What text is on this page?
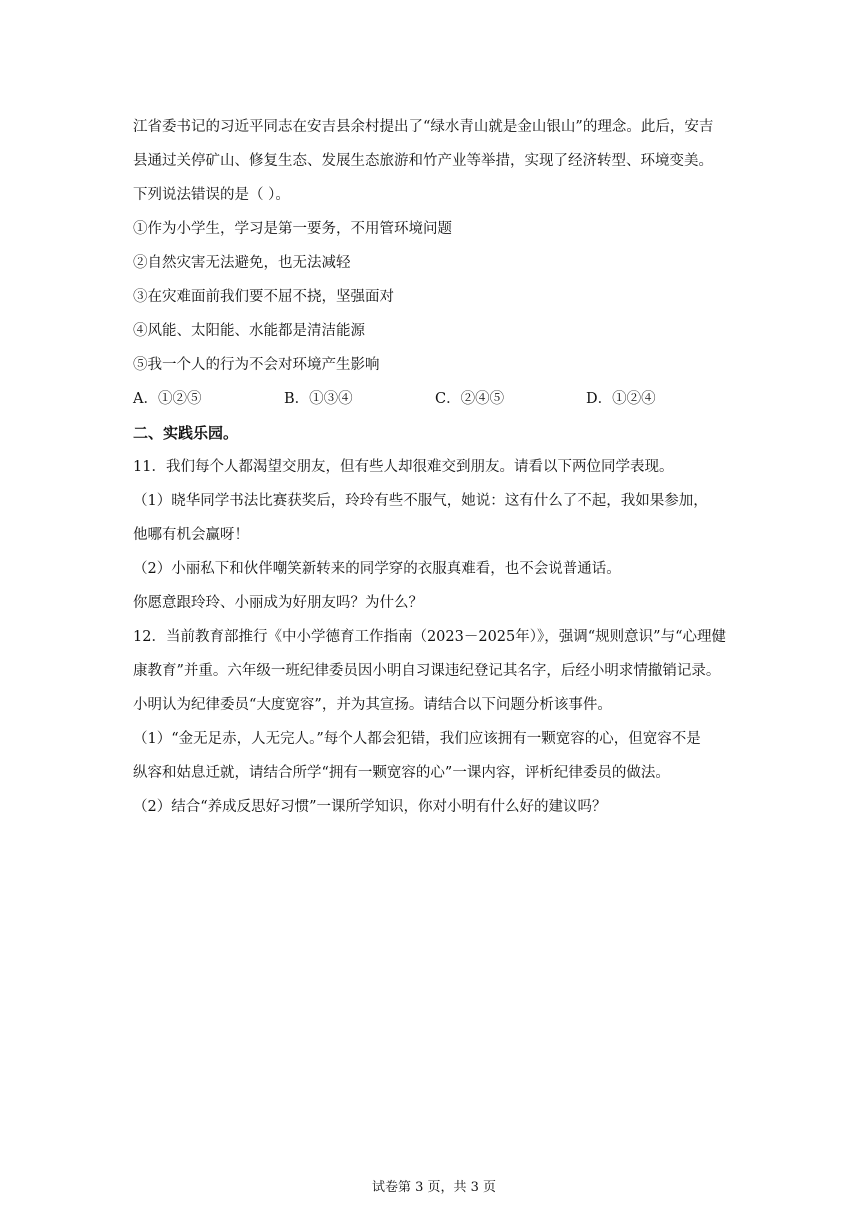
江省委书记的习近平同志在安吉县余村提出了“绿水青山就是金山银山”的理念。此后，安吉
县通过关停矿山、修复生态、发展生态旅游和竹产业等举措，实现了经济转型、环境变美。
下列说法错误的是（ ）。
①作为小学生，学习是第一要务，不用管环境问题
②自然灾害无法避免，也无法减轻
③在灾难面前我们要不屈不挠，坚强面对
④风能、太阳能、水能都是清洁能源
⑤我一个人的行为不会对环境产生影响
A．①②⑤	B．①③④	C．②④⑤	D．①②④
二、实践乐园。
11．我们每个人都渴望交朋友，但有些人却很难交到朋友。请看以下两位同学表现。
（1）晓华同学书法比赛获奖后，玲玲有些不服气，她说：这有什么了不起，我如果参加，
他哪有机会赢呀！
（2）小丽私下和伙伴嘲笑新转来的同学穿的衣服真难看，也不会说普通话。
你愿意跟玲玲、小丽成为好朋友吗？为什么？
12．当前教育部推行《中小学德育工作指南（2023－2025年）》，强调“规则意识”与“心理健
康教育”并重。六年级一班纪律委员因小明自习课违纪登记其名字，后经小明求情撤销记录。
小明认为纪律委员“大度宽容”，并为其宣扬。请结合以下问题分析该事件。
（1）“金无足赤，人无完人。”每个人都会犯错，我们应该拥有一颗宽容的心，但宽容不是
纵容和姑息迁就，请结合所学“拥有一颗宽容的心”一课内容，评析纪律委员的做法。
（2）结合“养成反思好习惯”一课所学知识，你对小明有什么好的建议吗？
试卷第 3 页，共 3 页
